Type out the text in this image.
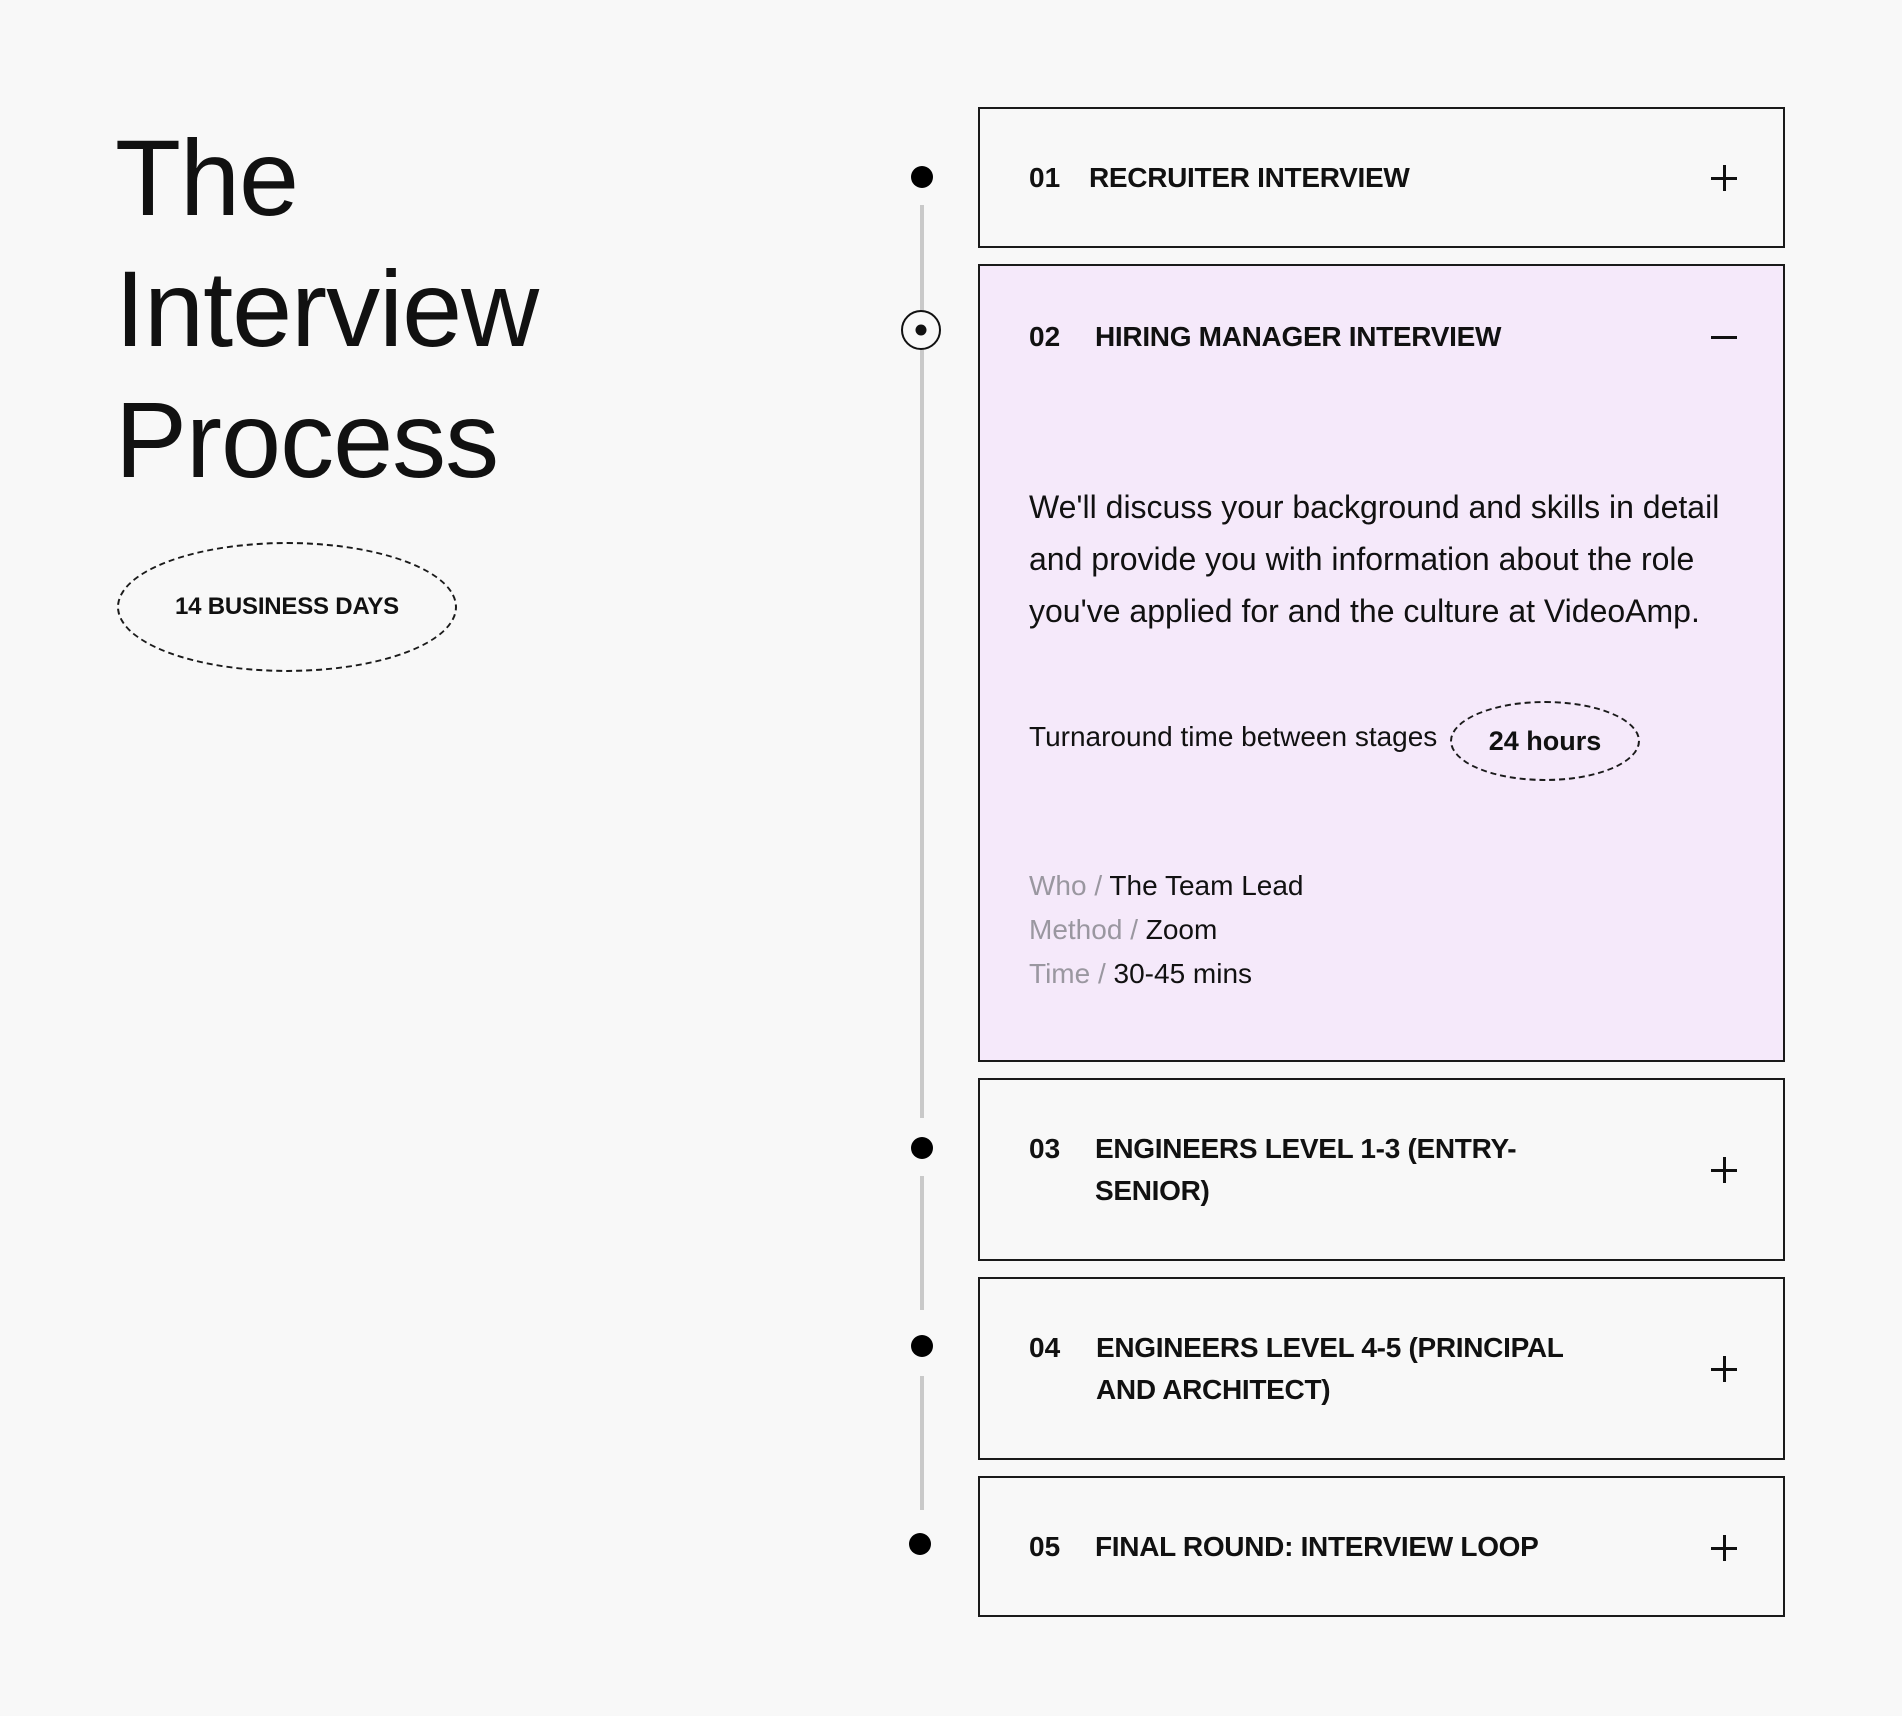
The
Interview
Process
14 BUSINESS DAYS
01 RECRUITER INTERVIEW
02 HIRING MANAGER INTERVIEW

We'll discuss your background and skills in detail and provide you with information about the role you've applied for and the culture at VideoAmp.

Turnaround time between stages	24 hours
Who / The Team Lead
Method / Zoom
Time / 30-45 mins
03 ENGINEERS LEVEL 1-3 (ENTRY-
SENIOR)
04 ENGINEERS LEVEL 4-5 (PRINCIPAL
AND ARCHITECT)
05 FINAL ROUND: INTERVIEW LOOP
